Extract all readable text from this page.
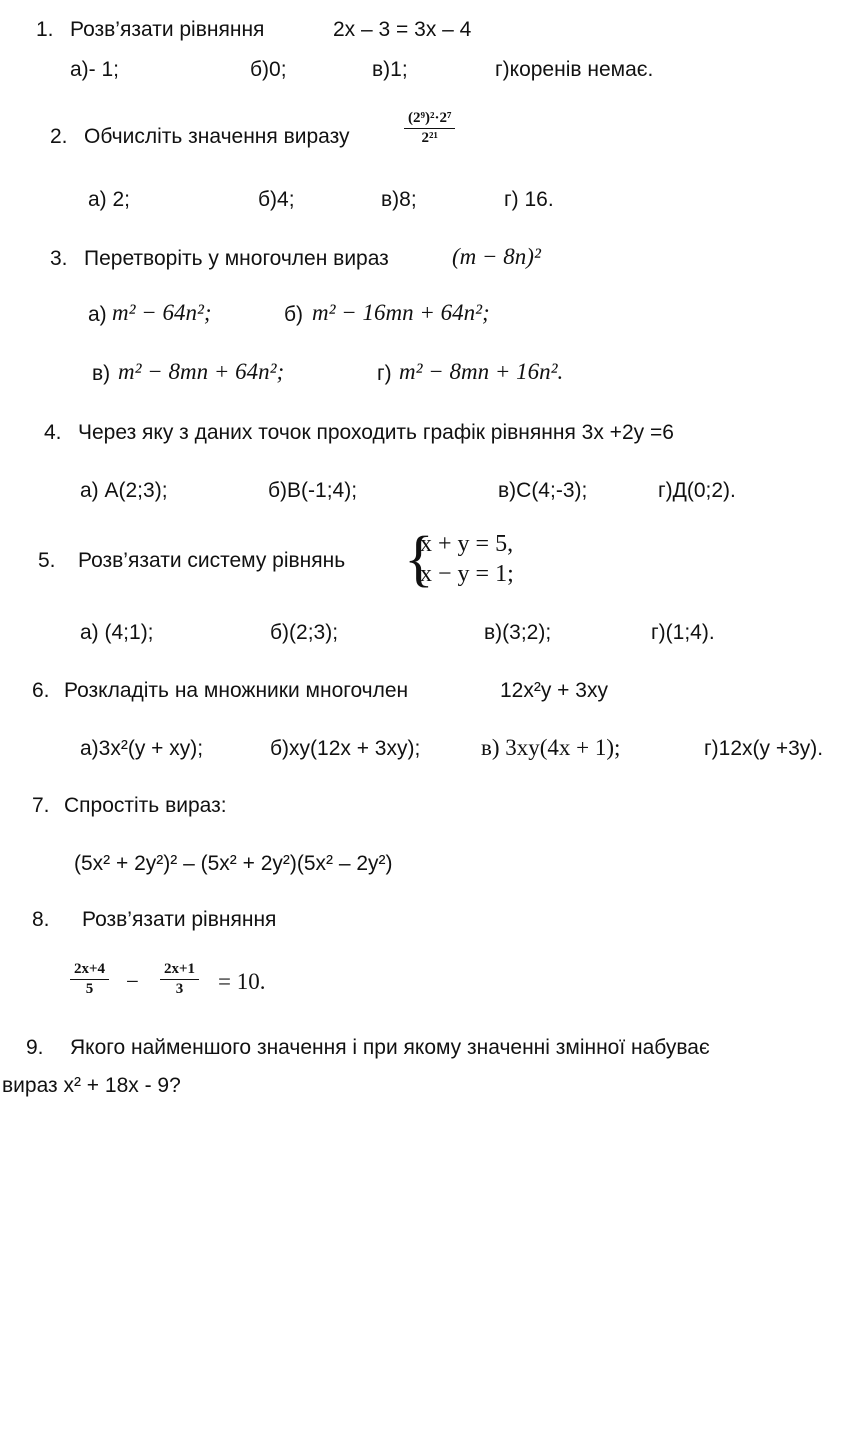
1. Розв’язати рівняння	2х – 3 = 3х – 4
а)- 1;	б)0;	в)1;	г)коренів немає.
2. Обчисліть значення виразу	$\frac{\text{(2⁹)²·2⁷}}{\text{2²¹}}$
а) 2;	б)4;	в)8;	г) 16.
3. Перетворіть у многочлен вираз	(m − 8n)²
а) m² − 64n²;	б) m² − 16mn + 64n²;
в) m² − 8mn + 64n²;	г) m² − 8mn + 16n².
4. Через яку з даних точок проходить графік рівняння 3х +2у =6
а) А(2;3);	б)В(-1;4);	в)С(4;-3);	г)Д(0;2).
5. Розв’язати систему рівнянь {
x + y = 5,
x − y = 1;
а) (4;1);	б)(2;3);	в)(3;2);	г)(1;4).
6. Розкладіть на множники многочлен	12x²y + 3xy
а)3х²(у + ху);	б)ху(12х + 3ху);	в) 3xy(4x + 1);	г)12х(у +3у).
7. Спростіть вираз:
(5x² + 2y²)² – (5x² + 2y²)(5x² – 2y²)
8. Розв’язати рівняння
$\frac{2x+4}{5} - \frac{2x+1}{3} = 10$.
9. Якого найменшого значення і при якому значенні змінної набуває
вираз x² + 18x - 9?
